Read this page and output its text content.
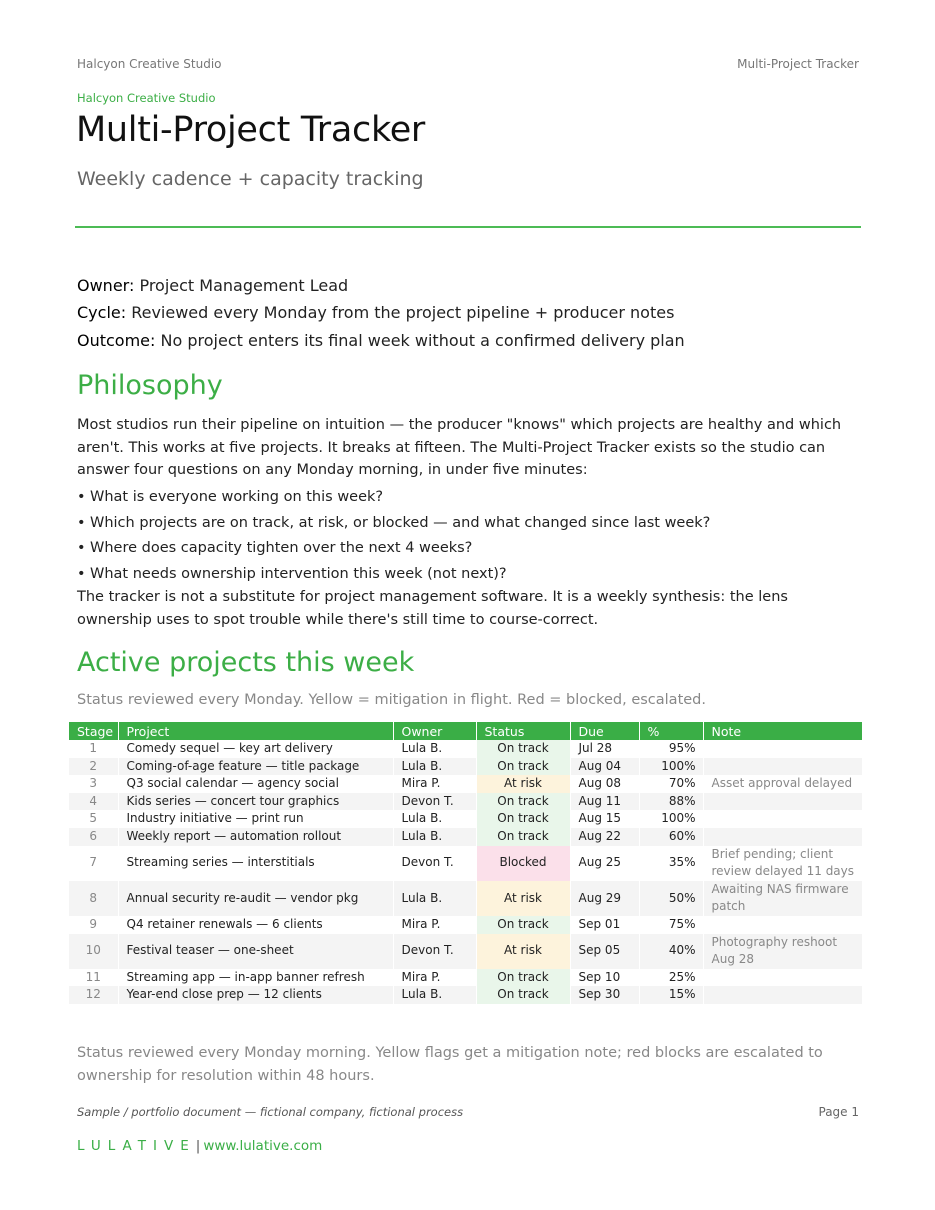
Halcyon Creative Studio	Multi-Project Tracker
Halcyon Creative Studio
Multi-Project Tracker
Weekly cadence + capacity tracking
Owner: Project Management Lead
Cycle: Reviewed every Monday from the project pipeline + producer notes
Outcome: No project enters its final week without a confirmed delivery plan
Philosophy

Most studios run their pipeline on intuition — the producer "knows" which projects are healthy and which aren't. This works at five projects. It breaks at fifteen. The Multi-Project Tracker exists so the studio can answer four questions on any Monday morning, in under five minutes:

• What is everyone working on this week?
• Which projects are on track, at risk, or blocked — and what changed since last week?
• Where does capacity tighten over the next 4 weeks?
• What needs ownership intervention this week (not next)?

The tracker is not a substitute for project management software. It is a weekly synthesis: the lens ownership uses to spot trouble while there's still time to course-correct.

Active projects this week
Status reviewed every Monday. Yellow = mitigation in flight. Red = blocked, escalated.
Stage	Project	Owner	Status	Due	%	Note
1	Comedy sequel — key art delivery	Lula B.	On track	Jul 28	95%	
2	Coming-of-age feature — title package	Lula B.	On track	Aug 04	100%	
3	Q3 social calendar — agency social	Mira P.	At risk	Aug 08	70%	Asset approval delayed
4	Kids series — concert tour graphics	Devon T.	On track	Aug 11	88%	
5	Industry initiative — print run	Lula B.	On track	Aug 15	100%	
6	Weekly report — automation rollout	Lula B.	On track	Aug 22	60%	
7	Streaming series — interstitials	Devon T.	Blocked	Aug 25	35%	Brief pending; client review delayed 11 days
8	Annual security re-audit — vendor pkg	Lula B.	At risk	Aug 29	50%	Awaiting NAS firmware patch
9	Q4 retainer renewals — 6 clients	Mira P.	On track	Sep 01	75%	
10	Festival teaser — one-sheet	Devon T.	At risk	Sep 05	40%	Photography reshoot Aug 28
11	Streaming app — in-app banner refresh	Mira P.	On track	Sep 10	25%	
12	Year-end close prep — 12 clients	Lula B.	On track	Sep 30	15%	

Status reviewed every Monday morning. Yellow flags get a mitigation note; red blocks are escalated to ownership for resolution within 48 hours.

Sample / portfolio document — fictional company, fictional process	Page 1
LULATIVE| www.lulative.com
